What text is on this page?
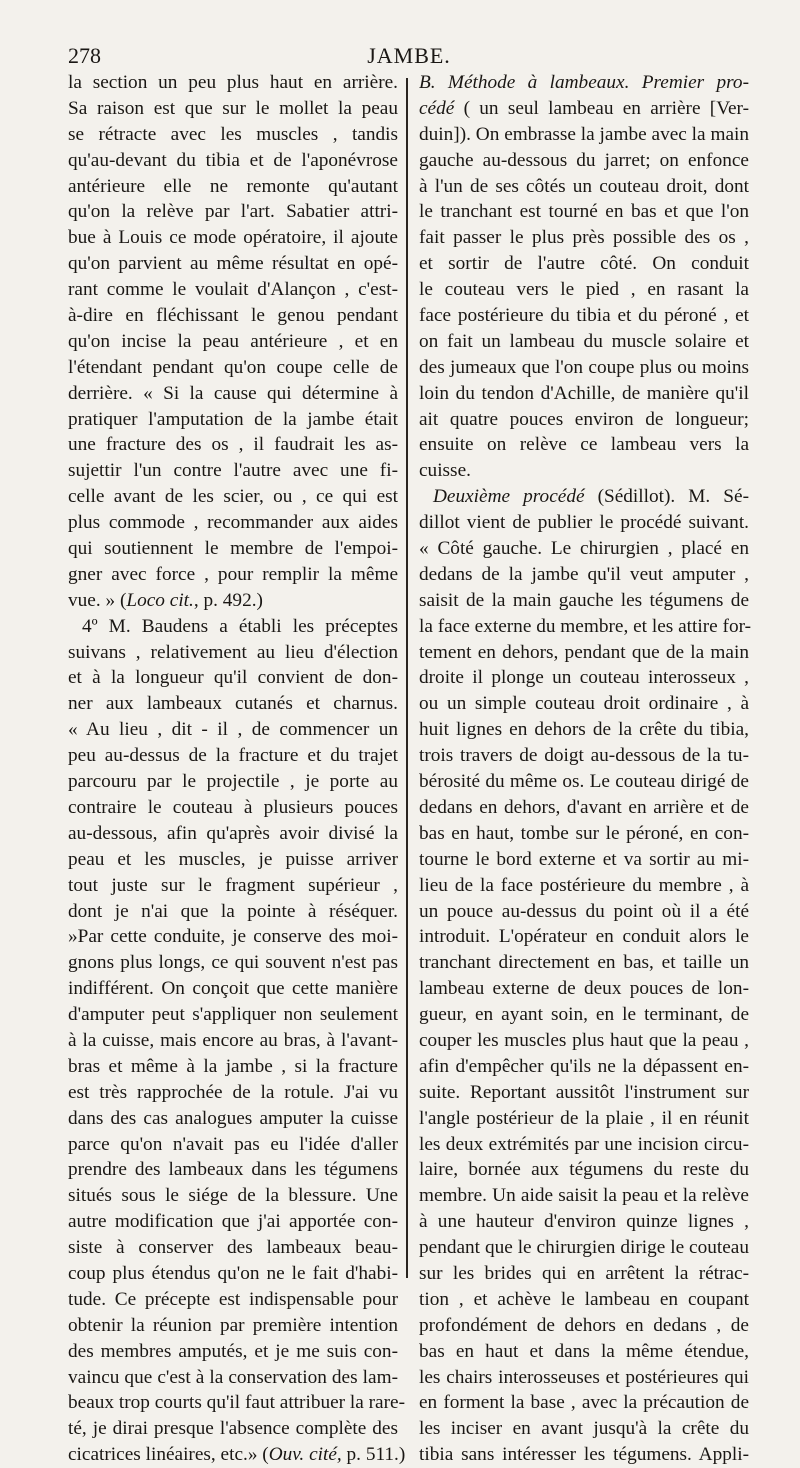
278	JAMBE.
la section un peu plus haut en arrière.
Sa raison est que sur le mollet la peau
se rétracte avec les muscles , tandis
qu'au-devant du tibia et de l'aponévrose
antérieure elle ne remonte qu'autant
qu'on la relève par l'art. Sabatier attri-
bue à Louis ce mode opératoire, il ajoute
qu'on parvient au même résultat en opé-
rant comme le voulait d'Alançon , c'est-
à-dire en fléchissant le genou pendant
qu'on incise la peau antérieure , et en
l'étendant pendant qu'on coupe celle de
derrière. « Si la cause qui détermine à
pratiquer l'amputation de la jambe était
une fracture des os , il faudrait les as-
sujettir l'un contre l'autre avec une fi-
celle avant de les scier, ou , ce qui est
plus commode , recommander aux aides
qui soutiennent le membre de l'empoi-
gner avec force , pour remplir la même
vue. » (Loco cit., p. 492.)
4º M. Baudens a établi les préceptes
suivans , relativement au lieu d'élection
et à la longueur qu'il convient de don-
ner aux lambeaux cutanés et charnus.
« Au lieu , dit - il , de commencer un
peu au-dessus de la fracture et du trajet
parcouru par le projectile , je porte au
contraire le couteau à plusieurs pouces
au-dessous, afin qu'après avoir divisé la
peau et les muscles, je puisse arriver
tout juste sur le fragment supérieur ,
dont je n'ai que la pointe à réséquer.
»Par cette conduite, je conserve des moi-
gnons plus longs, ce qui souvent n'est pas
indifférent. On conçoit que cette manière
d'amputer peut s'appliquer non seulement
à la cuisse, mais encore au bras, à l'avant-
bras et même à la jambe , si la fracture
est très rapprochée de la rotule. J'ai vu
dans des cas analogues amputer la cuisse
parce qu'on n'avait pas eu l'idée d'aller
prendre des lambeaux dans les tégumens
situés sous le siége de la blessure. Une
autre modification que j'ai apportée con-
siste à conserver des lambeaux beau-
coup plus étendus qu'on ne le fait d'habi-
tude. Ce précepte est indispensable pour
obtenir la réunion par première intention
des membres amputés, et je me suis con-
vaincu que c'est à la conservation des lam-
beaux trop courts qu'il faut attribuer la rare-
té, je dirai presque l'absence complète des
cicatrices linéaires, etc.» (Ouv. cité, p. 511.)
B. Méthode à lambeaux. Premier pro-
cédé ( un seul lambeau en arrière [Ver-
duin]). On embrasse la jambe avec la main
gauche au-dessous du jarret; on enfonce
à l'un de ses côtés un couteau droit, dont
le tranchant est tourné en bas et que l'on
fait passer le plus près possible des os ,
et sortir de l'autre côté. On conduit
le couteau vers le pied , en rasant la
face postérieure du tibia et du péroné , et
on fait un lambeau du muscle solaire et
des jumeaux que l'on coupe plus ou moins
loin du tendon d'Achille, de manière qu'il
ait quatre pouces environ de longueur;
ensuite on relève ce lambeau vers la
cuisse.
Deuxième procédé (Sédillot). M. Sé-
dillot vient de publier le procédé suivant.
« Côté gauche. Le chirurgien , placé en
dedans de la jambe qu'il veut amputer ,
saisit de la main gauche les tégumens de
la face externe du membre, et les attire for-
tement en dehors, pendant que de la main
droite il plonge un couteau interosseux ,
ou un simple couteau droit ordinaire , à
huit lignes en dehors de la crête du tibia,
trois travers de doigt au-dessous de la tu-
bérosité du même os. Le couteau dirigé de
dedans en dehors, d'avant en arrière et de
bas en haut, tombe sur le péroné, en con-
tourne le bord externe et va sortir au mi-
lieu de la face postérieure du membre , à
un pouce au-dessus du point où il a été
introduit. L'opérateur en conduit alors le
tranchant directement en bas, et taille un
lambeau externe de deux pouces de lon-
gueur, en ayant soin, en le terminant, de
couper les muscles plus haut que la peau ,
afin d'empêcher qu'ils ne la dépassent en-
suite. Reportant aussitôt l'instrument sur
l'angle postérieur de la plaie , il en réunit
les deux extrémités par une incision circu-
laire, bornée aux tégumens du reste du
membre. Un aide saisit la peau et la relève
à une hauteur d'environ quinze lignes ,
pendant que le chirurgien dirige le couteau
sur les brides qui en arrêtent la rétrac-
tion , et achève le lambeau en coupant
profondément de dehors en dedans , de
bas en haut et dans la même étendue,
les chairs interosseuses et postérieures qui
en forment la base , avec la précaution de
les inciser en avant jusqu'à la crête du
tibia sans intéresser les tégumens. Appli-
